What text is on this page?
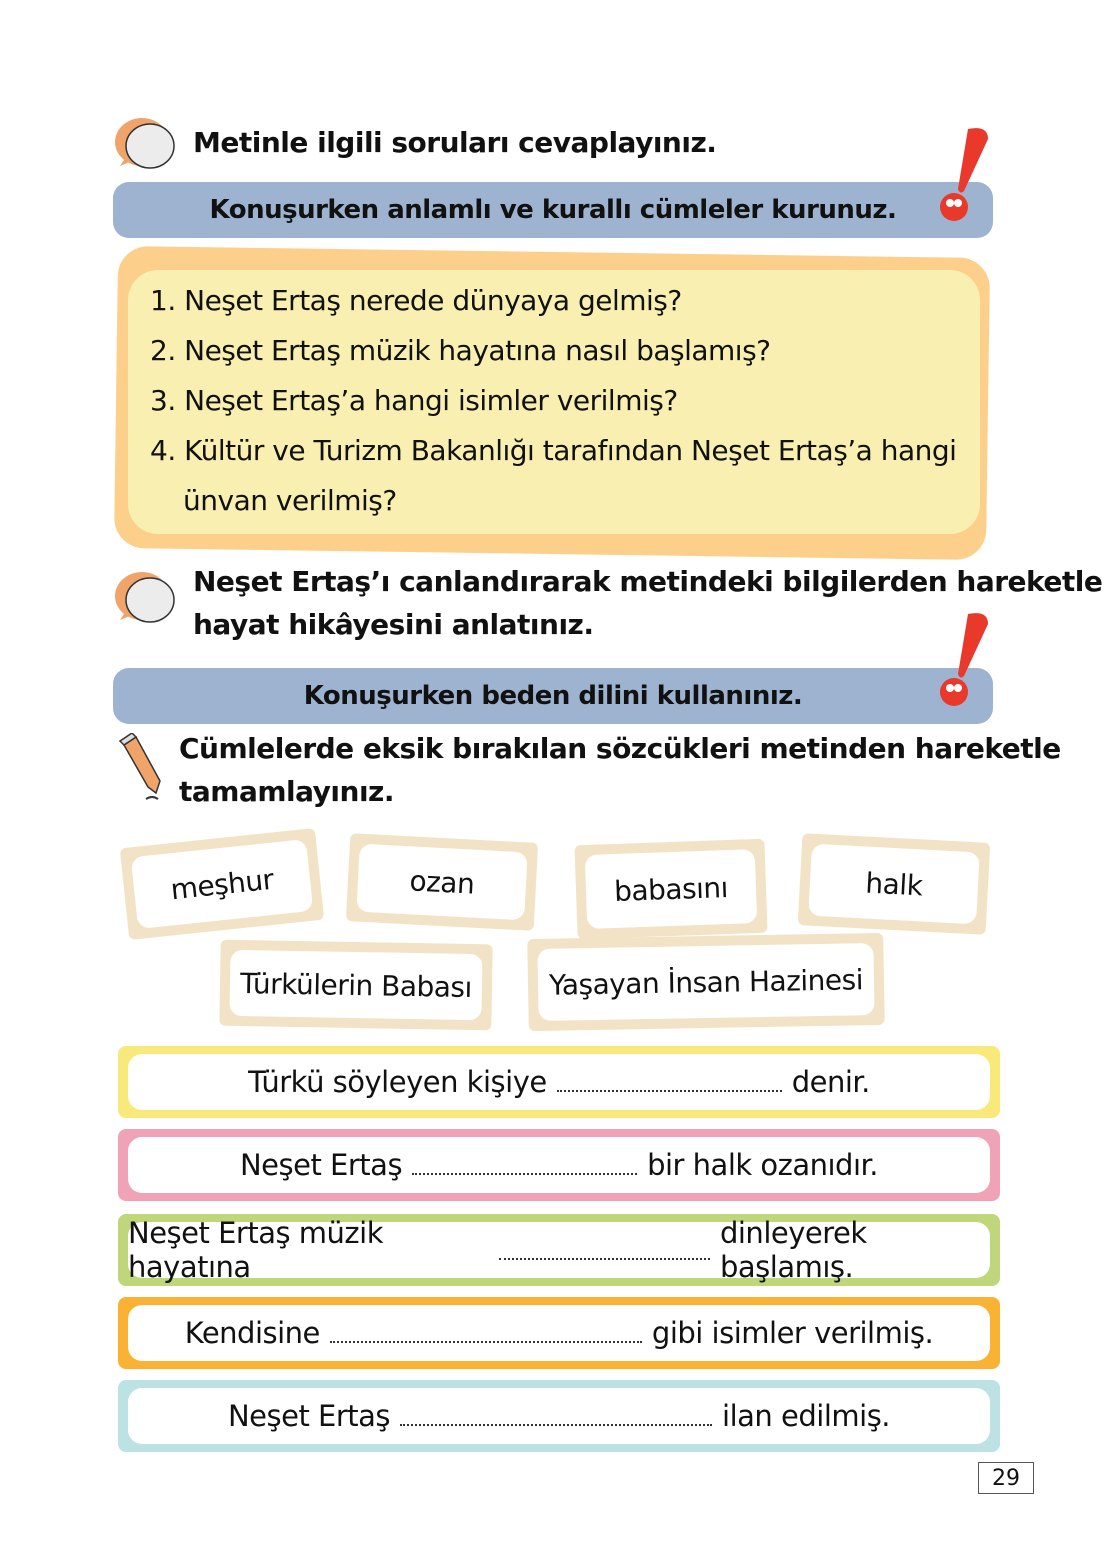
Metinle ilgili soruları cevaplayınız.
Konuşurken anlamlı ve kurallı cümleler kurunuz.
1. Neşet Ertaş nerede dünyaya gelmiş?
2. Neşet Ertaş müzik hayatına nasıl başlamış?
3. Neşet Ertaş’a hangi isimler verilmiş?
4. Kültür ve Turizm Bakanlığı tarafından Neşet Ertaş’a hangi
ünvan verilmiş?
Neşet Ertaş’ı canlandırarak metindeki bilgilerden hareketle
hayat hikâyesini anlatınız.
Konuşurken beden dilini kullanınız.
Cümlelerde eksik bırakılan sözcükleri metinden hareketle
tamamlayınız.
meşhur	ozan	babasını	halk
Türkülerin Babası	Yaşayan İnsan Hazinesi
Türkü söyleyen kişiye	denir.
Neşet Ertaş	bir halk ozanıdır.
Neşet Ertaş müzik hayatına
dinleyerek başlamış.
Kendisine	gibi isimler verilmiş.
Neşet Ertaş	ilan edilmiş.
29
